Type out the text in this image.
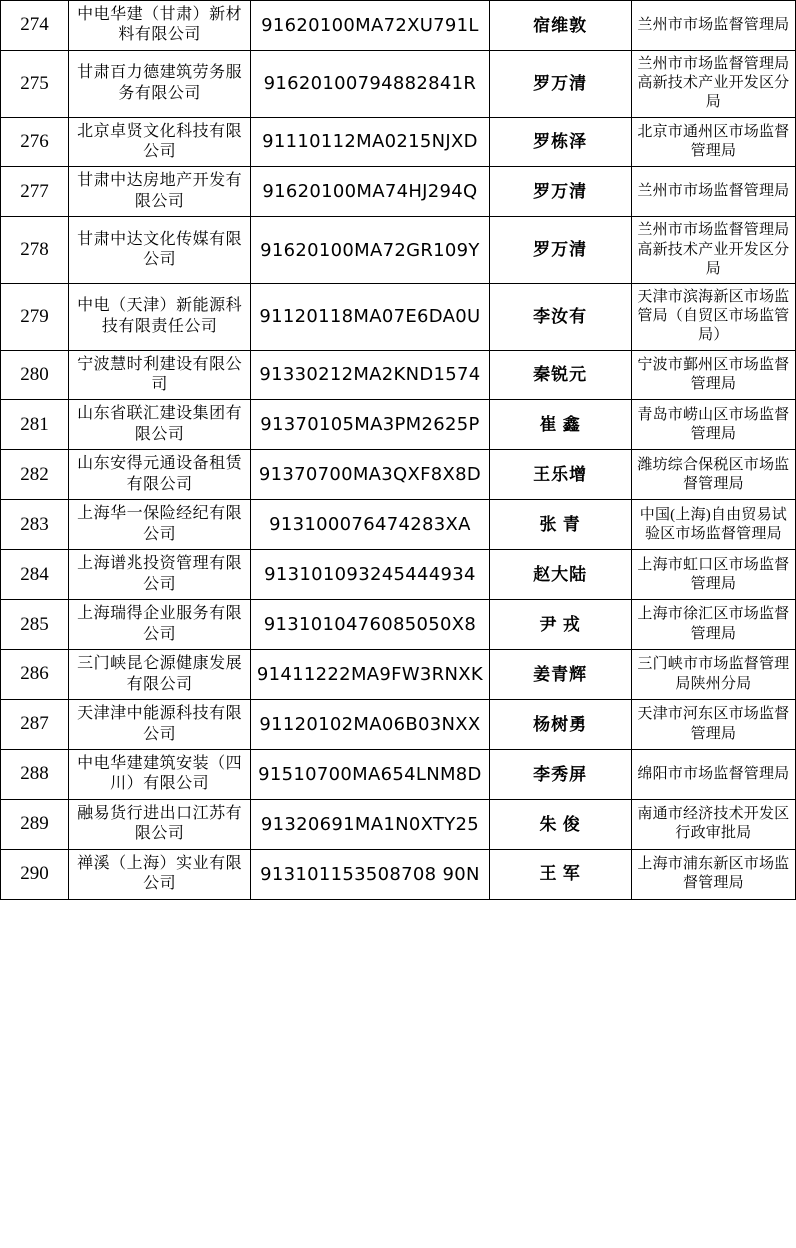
274	中电华建（甘肃）新材料有限公司	91620100MA72XU791L	宿维敦	兰州市市场监督管理局
275	甘肃百力德建筑劳务服务有限公司	91620100794882841R	罗万清	兰州市市场监督管理局高新技术产业开发区分局
276	北京卓贤文化科技有限公司	91110112MA0215NJXD	罗栋泽	北京市通州区市场监督管理局
277	甘肃中达房地产开发有限公司	91620100MA74HJ294Q	罗万清	兰州市市场监督管理局
278	甘肃中达文化传媒有限公司	91620100MA72GR109Y	罗万清	兰州市市场监督管理局高新技术产业开发区分局
279	中电（天津）新能源科技有限责任公司	91120118MA07E6DA0U	李汝有	天津市滨海新区市场监管局（自贸区市场监管局）
280	宁波慧时利建设有限公司	91330212MA2KND1574	秦锐元	宁波市鄞州区市场监督管理局
281	山东省联汇建设集团有限公司	91370105MA3PM2625P	崔 鑫	青岛市崂山区市场监督管理局
282	山东安得元通设备租赁有限公司	91370700MA3QXF8X8D	王乐增	潍坊综合保税区市场监督管理局
283	上海华一保险经纪有限公司	913100076474283XA	张 青	中国(上海)自由贸易试验区市场监督管理局
284	上海谱兆投资管理有限公司	913101093245444934	赵大陆	上海市虹口区市场监督管理局
285	上海瑞得企业服务有限公司	9131010476085050X8	尹 戎	上海市徐汇区市场监督管理局
286	三门峡昆仑源健康发展有限公司	91411222MA9FW3RNXK	姜青辉	三门峡市市场监督管理局陕州分局
287	天津津中能源科技有限公司	91120102MA06B03NXX	杨树勇	天津市河东区市场监督管理局
288	中电华建建筑安装（四川）有限公司	91510700MA654LNM8D	李秀屏	绵阳市市场监督管理局
289	融易货行进出口江苏有限公司	91320691MA1N0XTY25	朱 俊	南通市经济技术开发区行政审批局
290	禅溪（上海）实业有限公司	913101153508708 90N	王 军	上海市浦东新区市场监督管理局
